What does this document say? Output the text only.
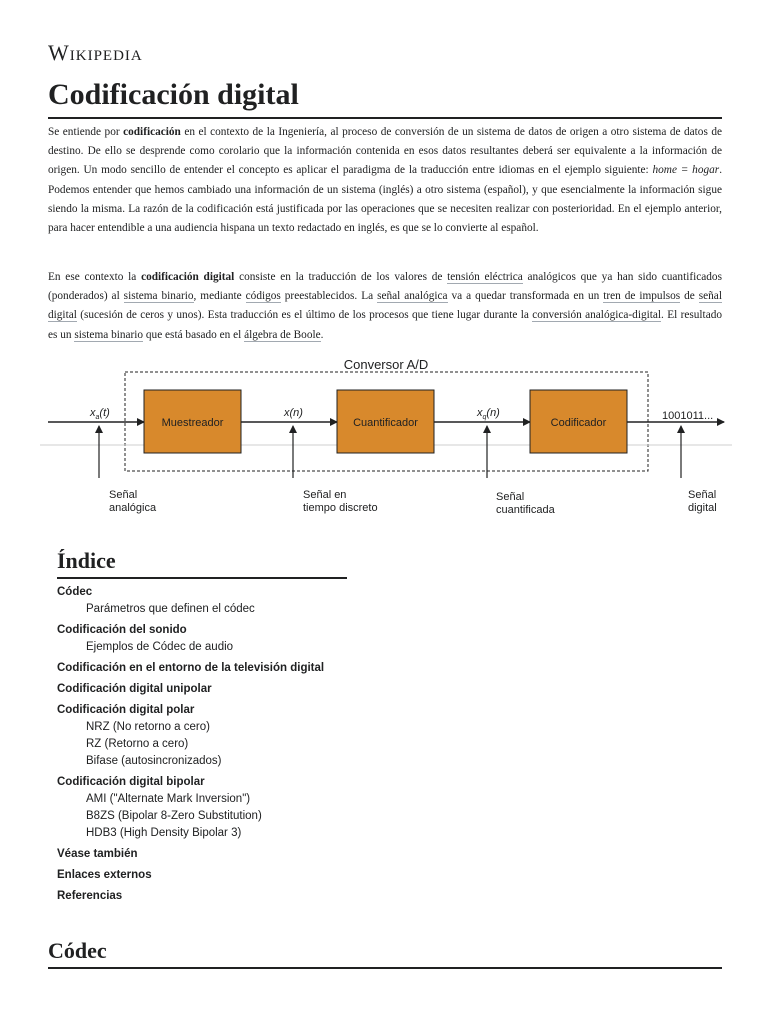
Wikipedia
Codificación digital

Se entiende por codificación en el contexto de la Ingeniería, al proceso de conversión de un sistema de datos de origen a otro sistema de datos de destino. De ello se desprende como corolario que la información contenida en esos datos resultantes deberá ser equivalente a la información de origen. Un modo sencillo de entender el concepto es aplicar el paradigma de la traducción entre idiomas en el ejemplo siguiente: home = hogar. Podemos entender que hemos cambiado una información de un sistema (inglés) a otro sistema (español), y que esencialmente la información sigue siendo la misma. La razón de la codificación está justificada por las operaciones que se necesiten realizar con posterioridad. En el ejemplo anterior, para hacer entendible a una audiencia hispana un texto redactado en inglés, es que se lo convierte al español.

En ese contexto la codificación digital consiste en la traducción de los valores de tensión eléctrica analógicos que ya han sido cuantificados (ponderados) al sistema binario, mediante códigos preestablecidos. La señal analógica va a quedar transformada en un tren de impulsos de señal digital (sucesión de ceros y unos). Esta traducción es el último de los procesos que tiene lugar durante la conversión analógica-digital. El resultado es un sistema binario que está basado en el álgebra de Boole.

Conversor A/D
Muestreador	Cuantificador	Codificador
$x_a(t)$	x(n)	$x_q(n)$	1001011...
Señal analógica
Señal en tiempo discreto
Señal cuantificada
Señal digital
Índice
Códec
Parámetros que definen el códec
Codificación del sonido
Ejemplos de Códec de audio
Codificación en el entorno de la televisión digital
Codificación digital unipolar
Codificación digital polar
NRZ (No retorno a cero)
RZ (Retorno a cero)
Bifase (autosincronizados)
Codificación digital bipolar
AMI ("Alternate Mark Inversion")
B8ZS (Bipolar 8-Zero Substitution)
HDB3 (High Density Bipolar 3)
Véase también
Enlaces externos
Referencias
Códec
